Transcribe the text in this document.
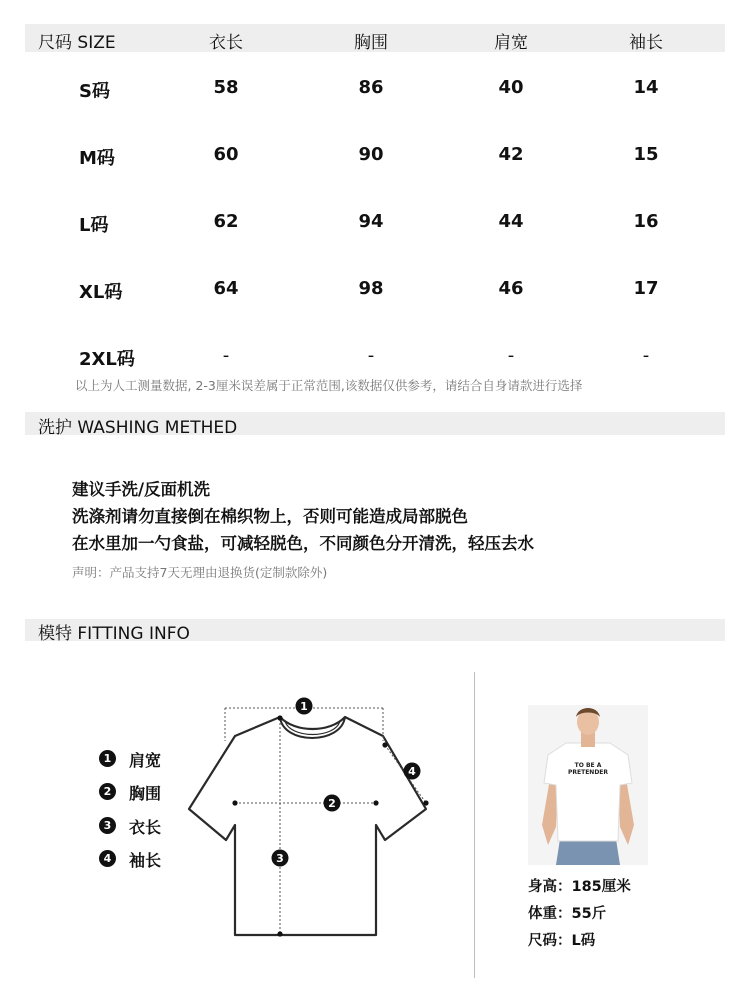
尺码 SIZE	衣长	胸围	肩宽	袖长
S码	58	86	40	14
M码	60	90	42	15
L码	62	94	44	16
XL码	64	98	46	17
2XL码	-	-	-	-
以上为人工测量数据, 2-3厘米误差属于正常范围,该数据仅供参考，请结合自身请款进行选择
洗护 WASHING METHED
建议手洗/反面机洗
洗涤剂请勿直接倒在棉织物上，否则可能造成局部脱色
在水里加一勺食盐，可减轻脱色，不同颜色分开清洗，轻压去水
声明：产品支持7天无理由退换货(定制款除外)
模特 FITTING INFO
1 肩宽
2 胸围
3 衣长
4 袖长
1
2
3
4	TO BE A
PRETENDER
身高：185厘米
体重：55斤
尺码：L码
